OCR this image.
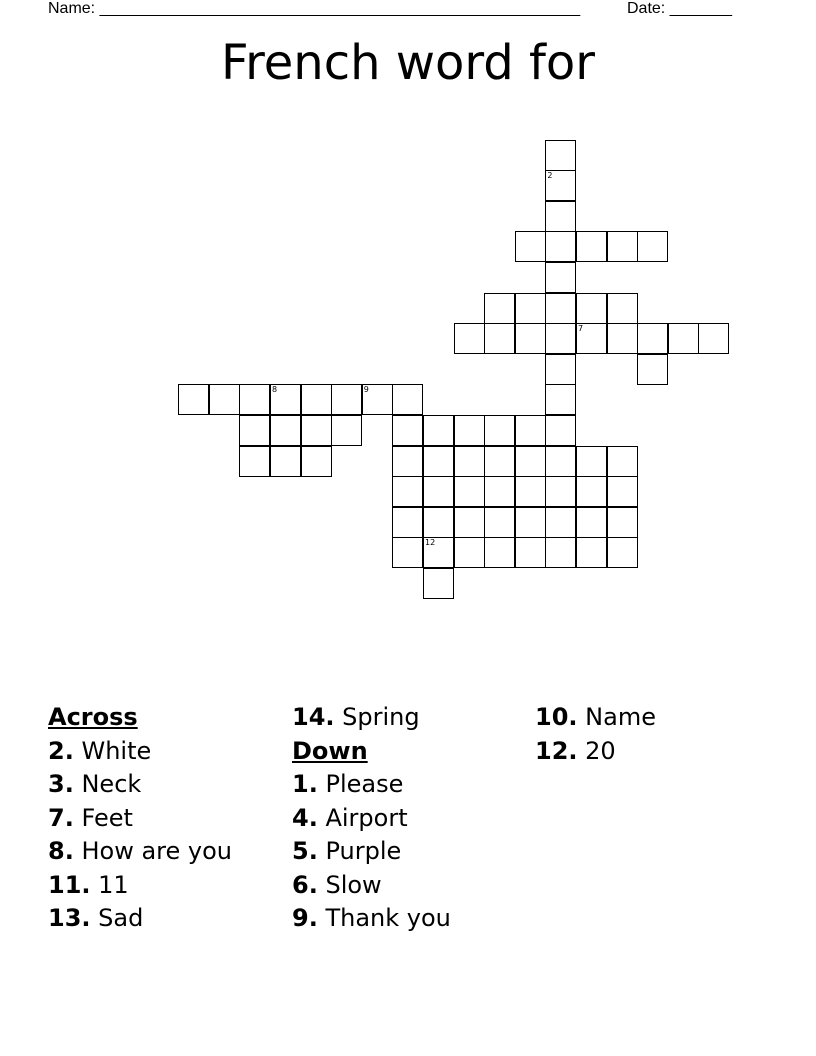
Name: ______________________________________________________	Date: _______
French word for
2
7
8	9
12
Across
2. White
3. Neck
7. Feet
8. How are you
11. 11
13. Sad
14. Spring
Down
1. Please
4. Airport
5. Purple
6. Slow
9. Thank you
10. Name
12. 20
